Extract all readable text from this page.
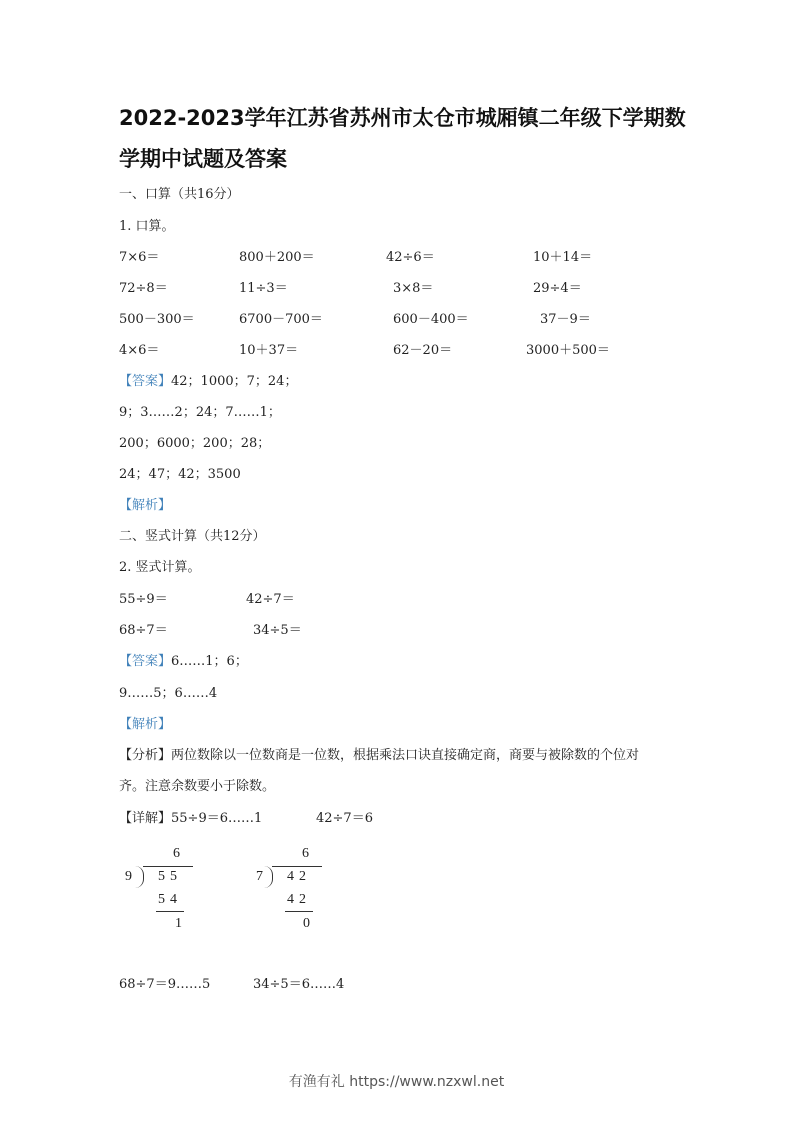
2022-2023学年江苏省苏州市太仓市城厢镇二年级下学期数
学期中试题及答案
一、口算（共16分）
1. 口算。
7×6＝	800＋200＝	42÷6＝	10＋14＝
72÷8＝	11÷3＝	3×8＝	29÷4＝
500－300＝	6700－700＝	600－400＝	37－9＝
4×6＝	10＋37＝	62－20＝	3000＋500＝
【答案】42；1000；7；24；
9；3……2；24；7……1；
200；6000；200；28；
24；47；42；3500
【解析】
二、竖式计算（共12分）
2. 竖式计算。
55÷9＝	42÷7＝
68÷7＝	34÷5＝
【答案】6……1；6；
9……5；6……4
【解析】
【分析】两位数除以一位数商是一位数，根据乘法口诀直接确定商，商要与被除数的个位对
齐。注意余数要小于除数。
【详解】55÷9＝6……1	42÷7＝6
6
9 55
54
1
6
7 42
42
0
68÷7＝9……5	34÷5＝6……4
有渔有礼 https://www.nzxwl.net
